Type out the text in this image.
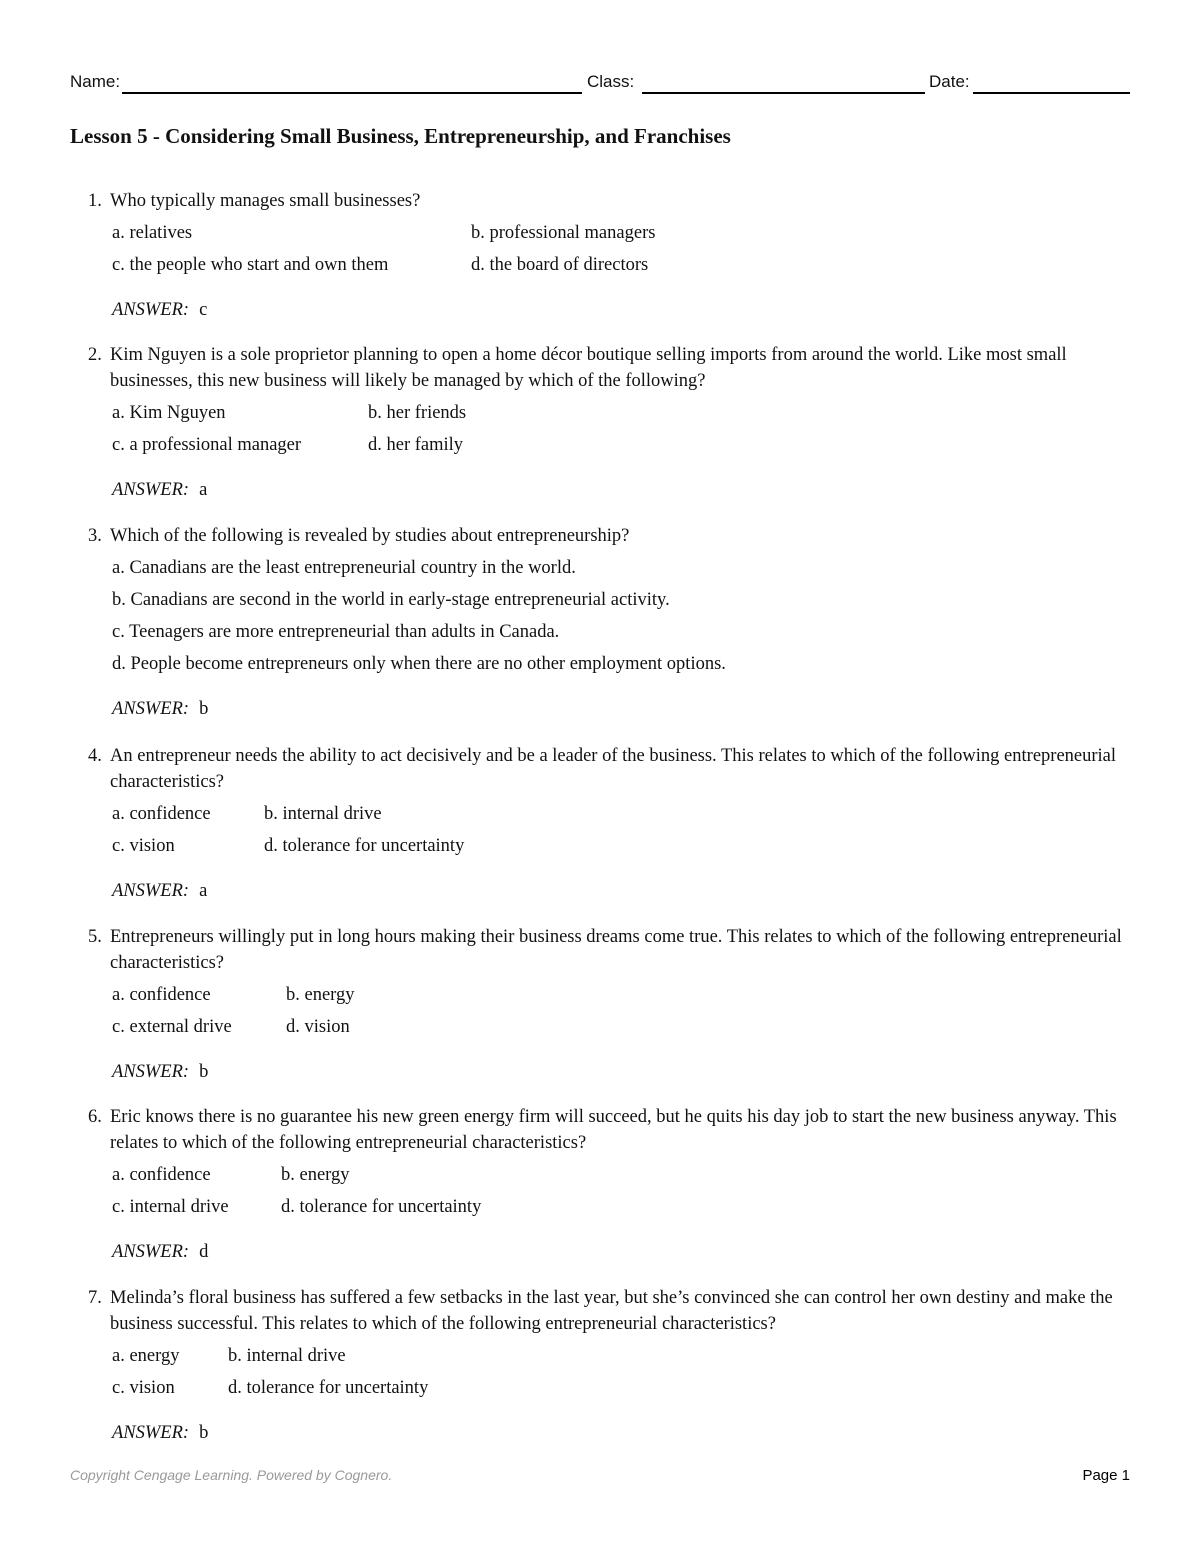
Name:	Class:	Date:
Lesson 5 - Considering Small Business, Entrepreneurship, and Franchises
1. Who typically manages small businesses?
a. relatives	b. professional managers
c. the people who start and own them	d. the board of directors
ANSWER: c
2. Kim Nguyen is a sole proprietor planning to open a home décor boutique selling imports from around the world. Like most small businesses, this new business will likely be managed by which of the following?
a. Kim Nguyen	b. her friends
c. a professional manager	d. her family
ANSWER: a
3. Which of the following is revealed by studies about entrepreneurship?
a. Canadians are the least entrepreneurial country in the world.
b. Canadians are second in the world in early-stage entrepreneurial activity.
c. Teenagers are more entrepreneurial than adults in Canada.
d. People become entrepreneurs only when there are no other employment options.
ANSWER: b
4. An entrepreneur needs the ability to act decisively and be a leader of the business. This relates to which of the following entrepreneurial characteristics?
a. confidence	b. internal drive
c. vision	d. tolerance for uncertainty
ANSWER: a
5. Entrepreneurs willingly put in long hours making their business dreams come true. This relates to which of the following entrepreneurial characteristics?
a. confidence	b. energy
c. external drive	d. vision
ANSWER: b
6. Eric knows there is no guarantee his new green energy firm will succeed, but he quits his day job to start the new business anyway. This relates to which of the following entrepreneurial characteristics?
a. confidence	b. energy
c. internal drive	d. tolerance for uncertainty
ANSWER: d
7. Melinda’s floral business has suffered a few setbacks in the last year, but she’s convinced she can control her own destiny and make the business successful. This relates to which of the following entrepreneurial characteristics?
a. energy	b. internal drive
c. vision	d. tolerance for uncertainty
ANSWER: b
Copyright Cengage Learning. Powered by Cognero.	Page 1
